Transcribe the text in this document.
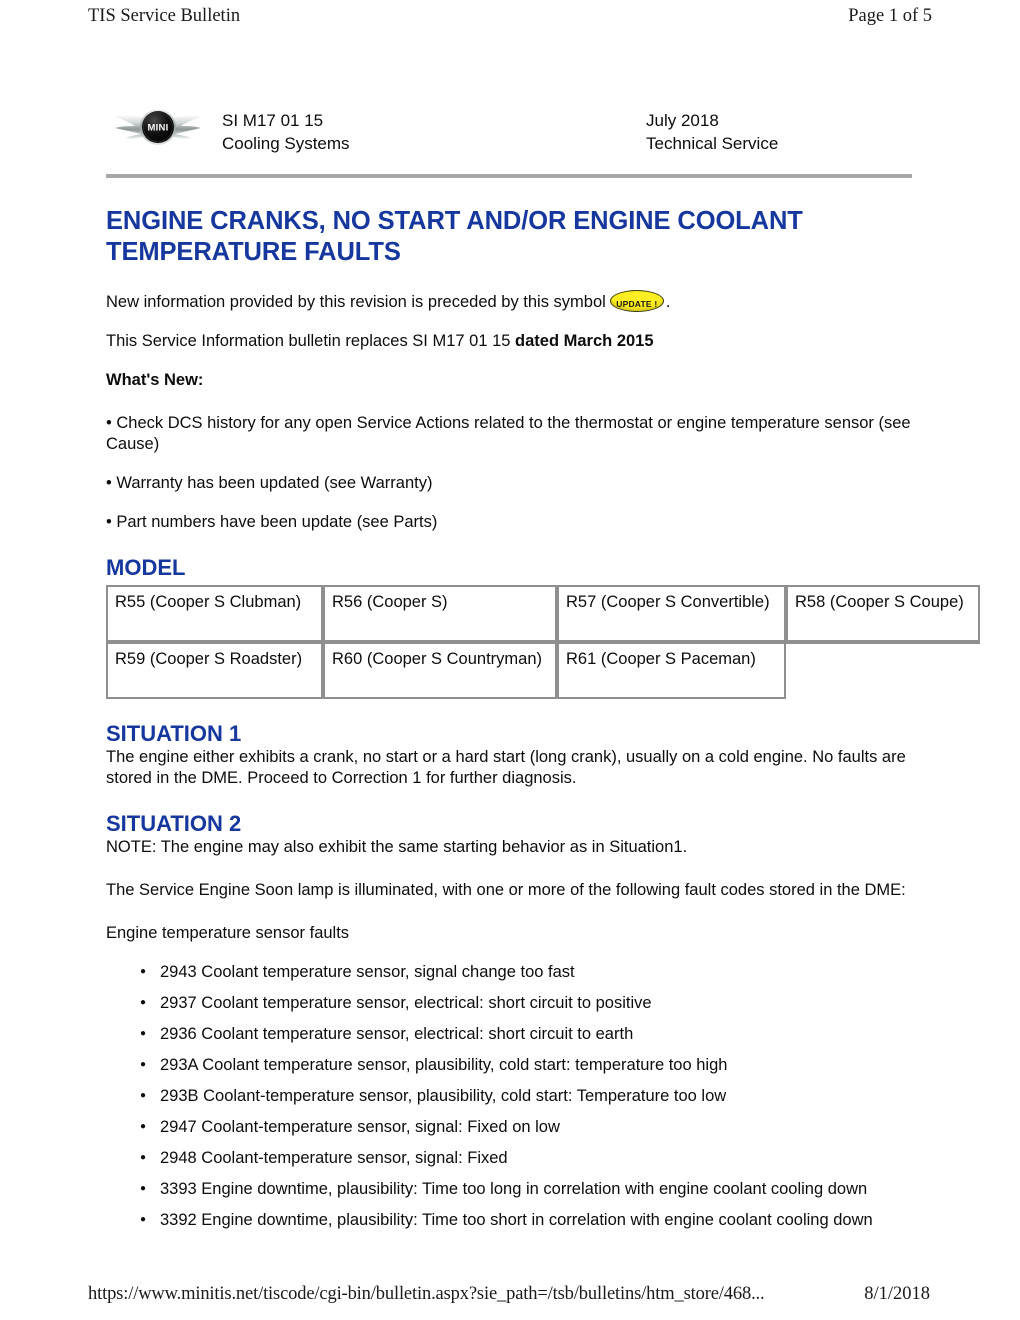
TIS Service Bulletin	Page 1 of 5
MINI	SI M17 01 15
Cooling Systems
July 2018
Technical Service
ENGINE CRANKS, NO START AND/OR ENGINE COOLANT TEMPERATURE FAULTS

New information provided by this revision is preceded by this symbol	UPDATE ! .

This Service Information bulletin replaces SI M17 01 15 dated March 2015

What's New:

• Check DCS history for any open Service Actions related to the thermostat or engine temperature sensor (see Cause)

• Warranty has been updated (see Warranty)

• Part numbers have been update (see Parts)

MODEL
R55 (Cooper S Clubman)	R56 (Cooper S)	R57 (Cooper S Convertible)	R58 (Cooper S Coupe)
R59 (Cooper S Roadster)	R60 (Cooper S Countryman)	R61 (Cooper S Paceman)	
SITUATION 1

The engine either exhibits a crank, no start or a hard start (long crank), usually on a cold engine. No faults are stored in the DME. Proceed to Correction 1 for further diagnosis.

SITUATION 2

NOTE: The engine may also exhibit the same starting behavior as in Situation1.

The Service Engine Soon lamp is illuminated, with one or more of the following fault codes stored in the DME:

Engine temperature sensor faults

● 2943 Coolant temperature sensor, signal change too fast
● 2937 Coolant temperature sensor, electrical: short circuit to positive
● 2936 Coolant temperature sensor, electrical: short circuit to earth
● 293A Coolant temperature sensor, plausibility, cold start: temperature too high
● 293B Coolant-temperature sensor, plausibility, cold start: Temperature too low
● 2947 Coolant-temperature sensor, signal: Fixed on low
● 2948 Coolant-temperature sensor, signal: Fixed
● 3393 Engine downtime, plausibility: Time too long in correlation with engine coolant cooling down
● 3392 Engine downtime, plausibility: Time too short in correlation with engine coolant cooling down
https://www.minitis.net/tiscode/cgi-bin/bulletin.aspx?sie_path=/tsb/bulletins/htm_store/468...	8/1/2018
